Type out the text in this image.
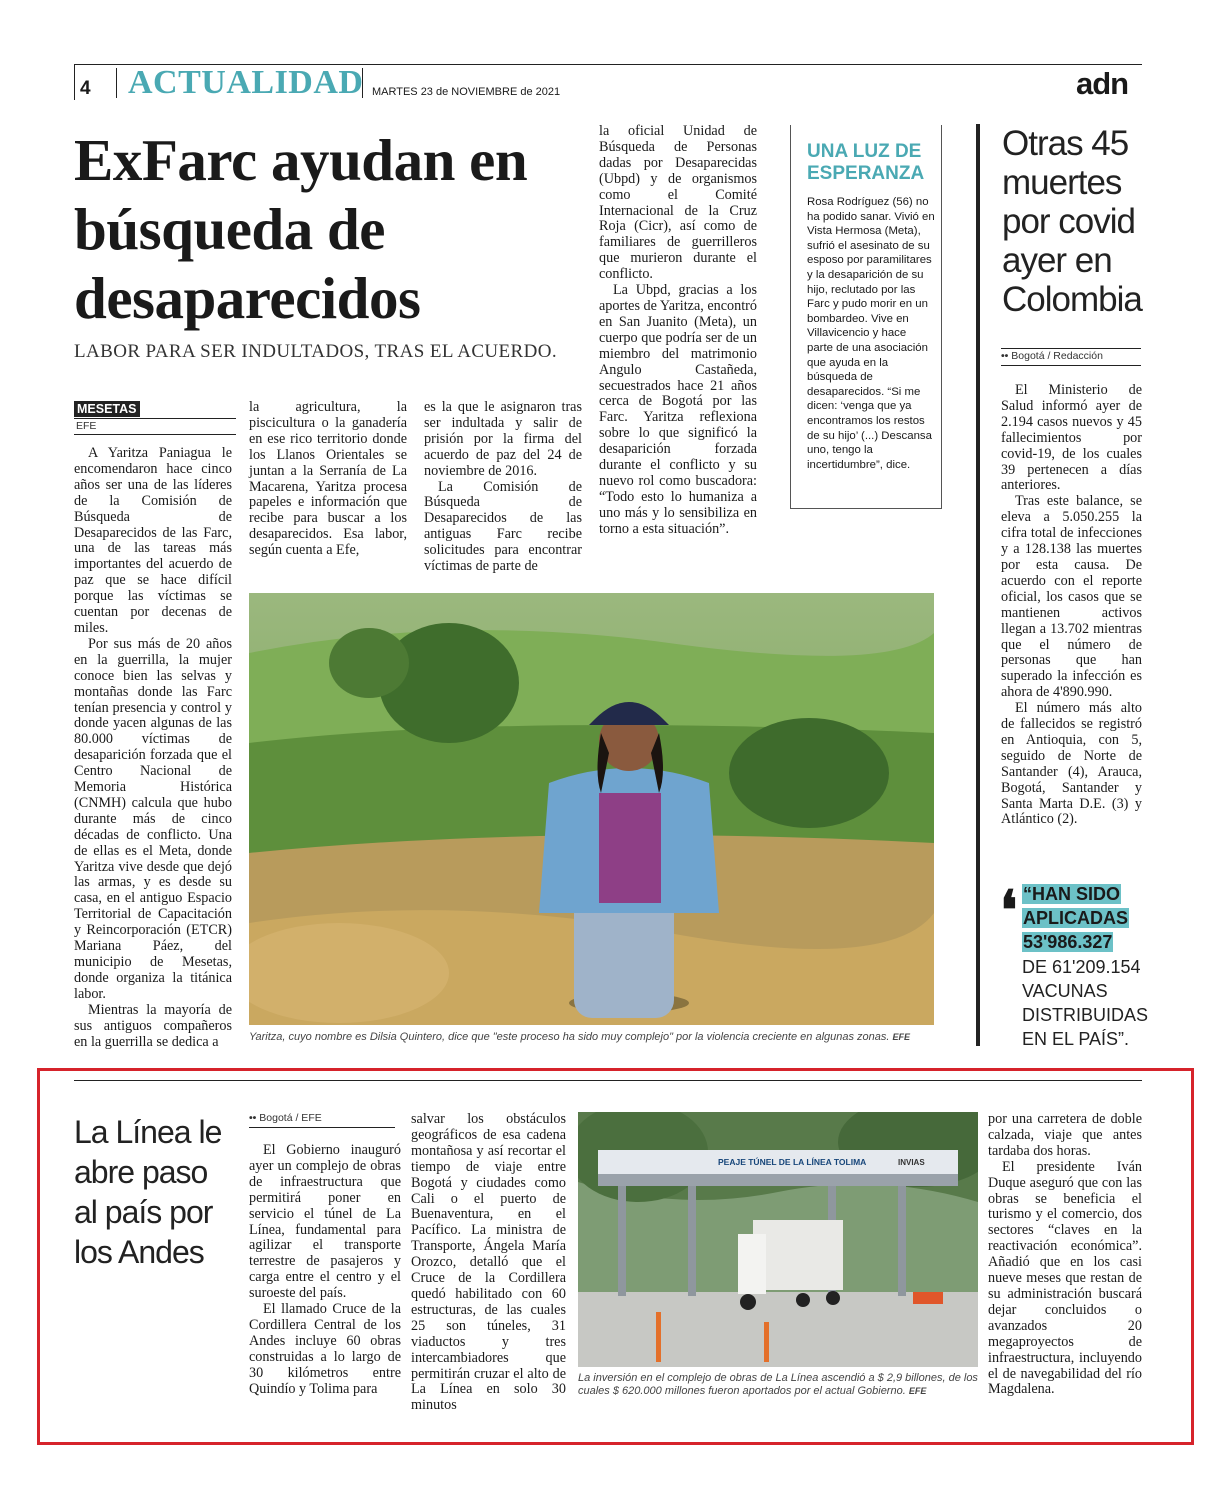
4 ACTUALIDAD MARTES 23 de NOVIEMBRE de 2021	adn
ExFarc ayudan en búsqueda de desaparecidos
LABOR PARA SER INDULTADOS, TRAS EL ACUERDO.
MESETAS
EFE

A Yaritza Paniagua le encomendaron hace cinco años ser una de las líderes de la Comisión de Búsqueda de Desaparecidos de las Farc, una de las tareas más importantes del acuerdo de paz que se hace difícil porque las víctimas se cuentan por decenas de miles.

Por sus más de 20 años en la guerrilla, la mujer conoce bien las selvas y montañas donde las Farc tenían presencia y control y donde yacen algunas de las 80.000 víctimas de desaparición forzada que el Centro Nacional de Memoria Histórica (CNMH) calcula que hubo durante más de cinco décadas de conflicto. Una de ellas es el Meta, donde Yaritza vive desde que dejó las armas, y es desde su casa, en el antiguo Espacio Territorial de Capacitación y Reincorporación (ETCR) Mariana Páez, del municipio de Mesetas, donde organiza la titánica labor.

Mientras la mayoría de sus antiguos compañeros en la guerrilla se dedica a

la agricultura, la piscicultura o la ganadería en ese rico territorio donde los Llanos Orientales se juntan a la Serranía de La Macarena, Yaritza procesa papeles e información que recibe para buscar a los desaparecidos. Esa labor, según cuenta a Efe,

es la que le asignaron tras ser indultada y salir de prisión por la firma del acuerdo de paz del 24 de noviembre de 2016.

La Comisión de Búsqueda de Desaparecidos de las antiguas Farc recibe solicitudes para encontrar víctimas de parte de

la oficial Unidad de Búsqueda de Personas dadas por Desaparecidas (Ubpd) y de organismos como el Comité Internacional de la Cruz Roja (Cicr), así como de familiares de guerrilleros que murieron durante el conflicto.

La Ubpd, gracias a los aportes de Yaritza, encontró en San Juanito (Meta), un cuerpo que podría ser de un miembro del matrimonio Angulo Castañeda, secuestrados hace 21 años cerca de Bogotá por las Farc. Yaritza reflexiona sobre lo que significó la desaparición forzada durante el conflicto y su nuevo rol como buscadora: “Todo esto lo humaniza a uno más y lo sensibiliza en torno a esta situación”.

Yaritza, cuyo nombre es Dilsia Quintero, dice que "este proceso ha sido muy complejo" por la violencia creciente en algunas zonas. EFE
UNA LUZ DE ESPERANZA
Rosa Rodríguez (56) no ha podido sanar. Vivió en Vista Hermosa (Meta), sufrió el asesinato de su esposo por paramilitares y la desaparición de su hijo, reclutado por las Farc y pudo morir en un bombardeo. Vive en Villavicencio y hace parte de una asociación que ayuda en la búsqueda de desaparecidos. “Si me dicen: ‘venga que ya encontramos los restos de su hijo’ (...) Descansa uno, tengo la incertidumbre”, dice.
Otras 45 muertes por covid ayer en Colombia
•• Bogotá / Redacción

El Ministerio de Salud informó ayer de 2.194 casos nuevos y 45 fallecimientos por covid-19, de los cuales 39 pertenecen a días anteriores.

Tras este balance, se eleva a 5.050.255 la cifra total de infecciones y a 128.138 las muertes por esta causa. De acuerdo con el reporte oficial, los casos que se mantienen activos llegan a 13.702 mientras que el número de personas que han superado la infección es ahora de 4'890.990.

El número más alto de fallecidos se registró en Antioquia, con 5, seguido de Norte de Santander (4), Arauca, Bogotá, Santander y Santa Marta D.E. (3) y Atlántico (2).

❛ “HAN SIDO
APLICADAS
53'986.327
DE 61'209.154 VACUNAS DISTRIBUIDAS EN EL PAÍS”.
La Línea le abre paso al país por los Andes
•• Bogotá / EFE

El Gobierno inauguró ayer un complejo de obras de infraestructura que permitirá poner en servicio el túnel de La Línea, fundamental para agilizar el transporte terrestre de pasajeros y carga entre el centro y el suroeste del país.

El llamado Cruce de la Cordillera Central de los Andes incluye 60 obras construidas a lo largo de 30 kilómetros entre Quindío y Tolima para

salvar los obstáculos geográficos de esa cadena montañosa y así recortar el tiempo de viaje entre Bogotá y ciudades como Cali o el puerto de Buenaventura, en el Pacífico. La ministra de Transporte, Ángela María Orozco, detalló que el Cruce de la Cordillera quedó habilitado con 60 estructuras, de las cuales 25 son túneles, 31 viaductos y tres intercambiadores que permitirán cruzar el alto de La Línea en solo 30 minutos

por una carretera de doble calzada, viaje que antes tardaba dos horas.

El presidente Iván Duque aseguró que con las obras se beneficia el turismo y el comercio, dos sectores “claves en la reactivación económica”. Añadió que en los casi nueve meses que restan de su administración buscará dejar concluidos o avanzados 20 megaproyectos de infraestructura, incluyendo el de navegabilidad del río Magdalena.

PEAJE TÚNEL DE LA LÍNEA TOLIMA	INVIAS
La inversión en el complejo de obras de La Línea ascendió a $ 2,9 billones, de los cuales $ 620.000 millones fueron aportados por el actual Gobierno. EFE
